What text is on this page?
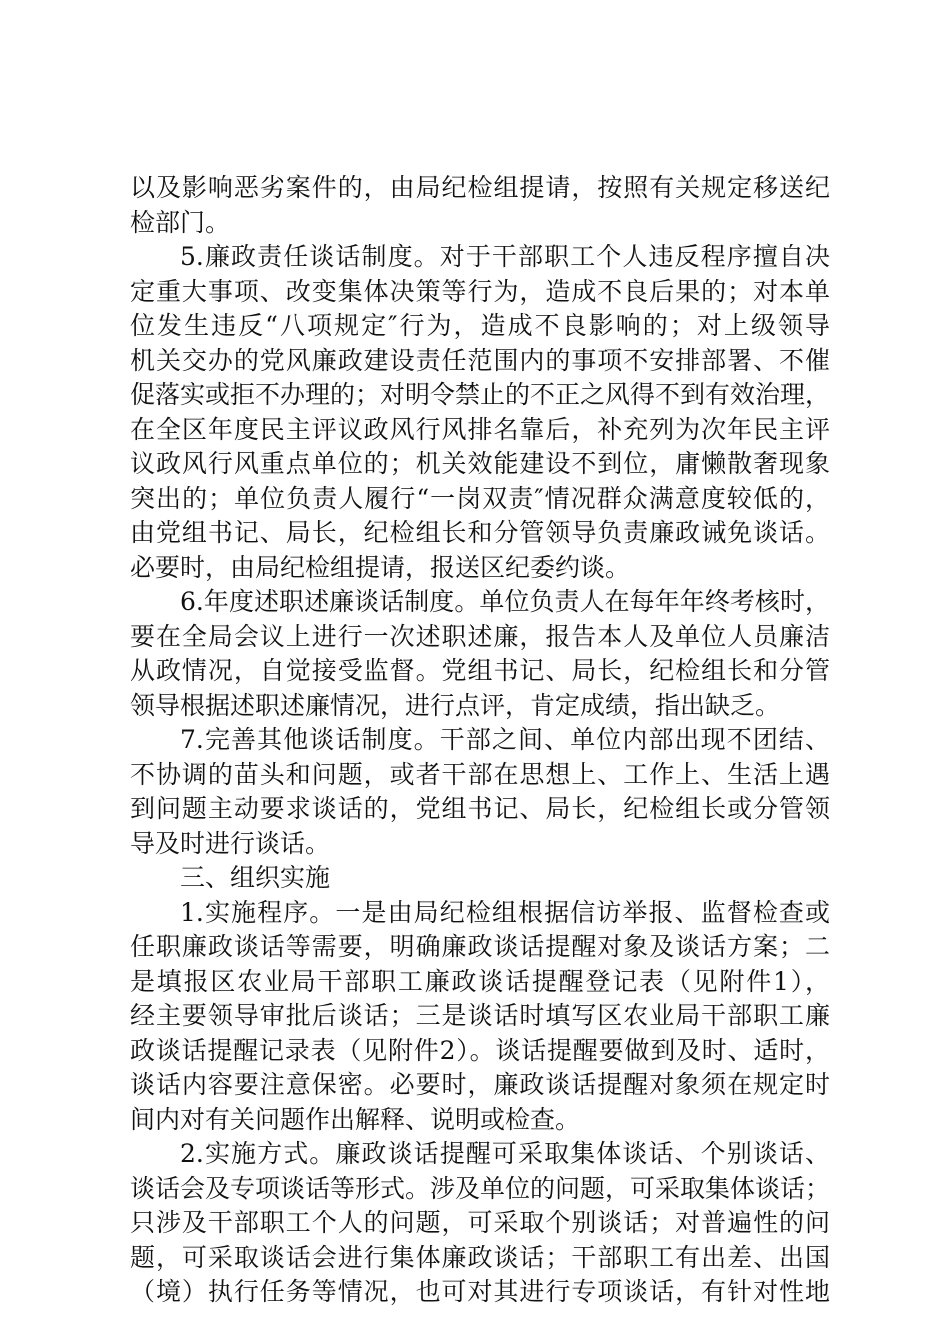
以及影响恶劣案件的，由局纪检组提请，按照有关规定移送纪
检部门。
5.廉政责任谈话制度。对于干部职工个人违反程序擅自决
定重大事项、改变集体决策等行为，造成不良后果的；对本单
位发生违反“八项规定″行为，造成不良影响的；对上级领导
机关交办的党风廉政建设责任范围内的事项不安排部署、不催
促落实或拒不办理的；对明令禁止的不正之风得不到有效治理，
在全区年度民主评议政风行风排名靠后，补充列为次年民主评
议政风行风重点单位的；机关效能建设不到位，庸懒散奢现象
突出的；单位负责人履行“一岗双责″情况群众满意度较低的，
由党组书记、局长，纪检组长和分管领导负责廉政诫免谈话。
必要时，由局纪检组提请，报送区纪委约谈。
6.年度述职述廉谈话制度。单位负责人在每年年终考核时，
要在全局会议上进行一次述职述廉，报告本人及单位人员廉洁
从政情况，自觉接受监督。党组书记、局长，纪检组长和分管
领导根据述职述廉情况，进行点评，肯定成绩，指出缺乏。
7.完善其他谈话制度。干部之间、单位内部出现不团结、
不协调的苗头和问题，或者干部在思想上、工作上、生活上遇
到问题主动要求谈话的，党组书记、局长，纪检组长或分管领
导及时进行谈话。
三、组织实施
1.实施程序。一是由局纪检组根据信访举报、监督检查或
任职廉政谈话等需要，明确廉政谈话提醒对象及谈话方案；二
是填报区农业局干部职工廉政谈话提醒登记表（见附件1），
经主要领导审批后谈话；三是谈话时填写区农业局干部职工廉
政谈话提醒记录表（见附件2）。谈话提醒要做到及时、适时，
谈话内容要注意保密。必要时，廉政谈话提醒对象须在规定时
间内对有关问题作出解释、说明或检查。
2.实施方式。廉政谈话提醒可采取集体谈话、个别谈话、
谈话会及专项谈话等形式。涉及单位的问题，可采取集体谈话；
只涉及干部职工个人的问题，可采取个别谈话；对普遍性的问
题，可采取谈话会进行集体廉政谈话；干部职工有出差、出国
（境）执行任务等情况，也可对其进行专项谈话，有针对性地
